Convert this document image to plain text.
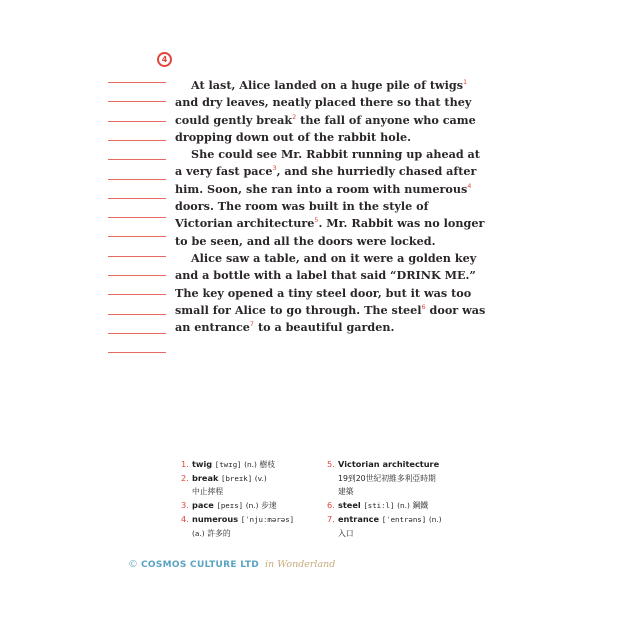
4
At last, Alice landed on a huge pile of twigs$^1$
and dry leaves, neatly placed there so that they
could gently break$^2$ the fall of anyone who came
dropping down out of the rabbit hole.
She could see Mr. Rabbit running up ahead at
a very fast pace$^3$, and she hurriedly chased after
him. Soon, she ran into a room with numerous$^4$
doors. The room was built in the style of
Victorian architecture$^5$. Mr. Rabbit was no longer
to be seen, and all the doors were locked.
Alice saw a table, and on it were a golden key
and a bottle with a label that said “DRINK ME.”
The key opened a tiny steel door, but it was too
small for Alice to go through. The steel$^6$ door was
an entrance$^7$ to a beautiful garden.
1. twig [twɪɡ] (n.) 樹枝
2. break [breɪk] (v.)
中止摔程
3. pace [peɪs] (n.) 步速
4. numerous [ˈnjuːmərəs]
(a.) 許多的
5. Victorian architecture
19到20世紀初維多利亞時期
建築
6. steel [stiːl] (n.) 鋼鐵
7. entrance [ˈentrəns] (n.)
入口
© COSMOS CULTURE LTD in Wonderland
